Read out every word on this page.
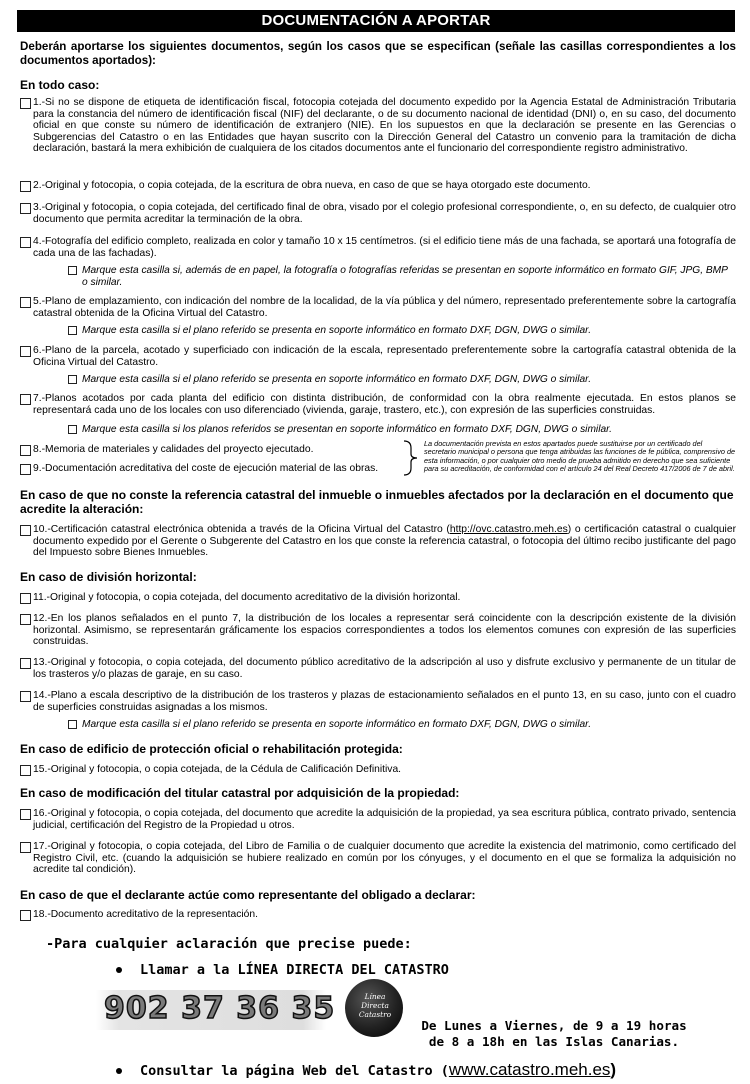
DOCUMENTACIÓN A APORTAR
Deberán aportarse los siguientes documentos, según los casos que se especifican (señale las casillas correspondientes a los documentos aportados):
En todo caso:
1.-Si no se dispone de etiqueta de identificación fiscal, fotocopia cotejada del documento expedido por la Agencia Estatal de Administración Tributaria para la constancia del número de identificación fiscal (NIF) del declarante, o de su documento nacional de identidad (DNI) o, en su caso, del documento oficial en que conste su número de identificación de extranjero (NIE). En los supuestos en que la declaración se presente en las Gerencias o Subgerencias del Catastro o en las Entidades que hayan suscrito con la Dirección General del Catastro un convenio para la tramitación de dicha declaración, bastará la mera exhibición de cualquiera de los citados documentos ante el funcionario del correspondiente registro administrativo.
2.-Original y fotocopia, o copia cotejada, de la escritura de obra nueva, en caso de que se haya otorgado este documento.
3.-Original y fotocopia, o copia cotejada, del certificado final de obra, visado por el colegio profesional correspondiente, o, en su defecto, de cualquier otro documento que permita acreditar la terminación de la obra.
4.-Fotografía del edificio completo, realizada en color y tamaño 10 x 15 centímetros. (si el edificio tiene más de una fachada, se aportará una fotografía de cada una de las fachadas).
Marque esta casilla si, además de en papel, la fotografía o fotografías referidas se presentan en soporte informático en formato GIF, JPG, BMP o similar.
5.-Plano de emplazamiento, con indicación del nombre de la localidad, de la vía pública y del número, representado preferentemente sobre la cartografía catastral obtenida de la Oficina Virtual del Catastro.
Marque esta casilla si el plano referido se presenta en soporte informático en formato DXF, DGN, DWG o similar.
6.-Plano de la parcela, acotado y superficiado con indicación de la escala, representado preferentemente sobre la cartografía catastral obtenida de la Oficina Virtual del Catastro.
Marque esta casilla si el plano referido se presenta en soporte informático en formato DXF, DGN, DWG o similar.
7.-Planos acotados por cada planta del edificio con distinta distribución, de conformidad con la obra realmente ejecutada. En estos planos se representará cada uno de los locales con uso diferenciado (vivienda, garaje, trastero, etc.), con expresión de las superficies construidas.
Marque esta casilla si los planos referidos se presentan en soporte informático en formato DXF, DGN, DWG o similar.
8.-Memoria de materiales y calidades del proyecto ejecutado.
9.-Documentación acreditativa del coste de ejecución material de las obras.
La documentación prevista en estos apartados puede sustituirse por un certificado del secretario municipal o persona que tenga atribuidas las funciones de fe pública, comprensivo de esta información, o por cualquier otro medio de prueba admitido en derecho que sea suficiente para su acreditación, de conformidad con el artículo 24 del Real Decreto 417/2006 de 7 de abril.
En caso de que no conste la referencia catastral del inmueble o inmuebles afectados por la declaración en el documento que acredite la alteración:
10.-Certificación catastral electrónica obtenida a través de la Oficina Virtual del Catastro (http://ovc.catastro.meh.es) o certificación catastral o cualquier documento expedido por el Gerente o Subgerente del Catastro en los que conste la referencia catastral, o fotocopia del último recibo justificante del pago del Impuesto sobre Bienes Inmuebles.
En caso de división horizontal:
11.-Original y fotocopia, o copia cotejada, del documento acreditativo de la división horizontal.
12.-En los planos señalados en el punto 7, la distribución de los locales a representar será coincidente con la descripción existente de la división horizontal. Asimismo, se representarán gráficamente los espacios correspondientes a todos los elementos comunes con expresión de las superficies construidas.
13.-Original y fotocopia, o copia cotejada, del documento público acreditativo de la adscripción al uso y disfrute exclusivo y permanente de un titular de los trasteros y/o plazas de garaje, en su caso.
14.-Plano a escala descriptivo de la distribución de los trasteros y plazas de estacionamiento señalados en el punto 13, en su caso, junto con el cuadro de superficies construidas asignadas a los mismos.
Marque esta casilla si el plano referido se presenta en soporte informático en formato DXF, DGN, DWG o similar.
En caso de edificio de protección oficial o rehabilitación protegida:
15.-Original y fotocopia, o copia cotejada, de la Cédula de Calificación Definitiva.
En caso de modificación del titular catastral por adquisición de la propiedad:
16.-Original y fotocopia, o copia cotejada, del documento que acredite la adquisición de la propiedad, ya sea escritura pública, contrato privado, sentencia judicial, certificación del Registro de la Propiedad u otros.
17.-Original y fotocopia, o copia cotejada, del Libro de Familia o de cualquier documento que acredite la existencia del matrimonio, como certificado del Registro Civil, etc. (cuando la adquisición se hubiere realizado en común por los cónyuges, y el documento en el que se formaliza la adquisición no acredite tal condición).
En caso de que el declarante actúe como representante del obligado a declarar:
18.-Documento acreditativo de la representación.
-Para cualquier aclaración que precise puede:
Llamar a la LÍNEA DIRECTA DEL CATASTRO
902 37 36 35	Línea
Directa
Catastro
De Lunes a Viernes, de 9 a 19 horas
de 8 a 18h en las Islas Canarias.
Consultar la página Web del Catastro (www.catastro.meh.es)
